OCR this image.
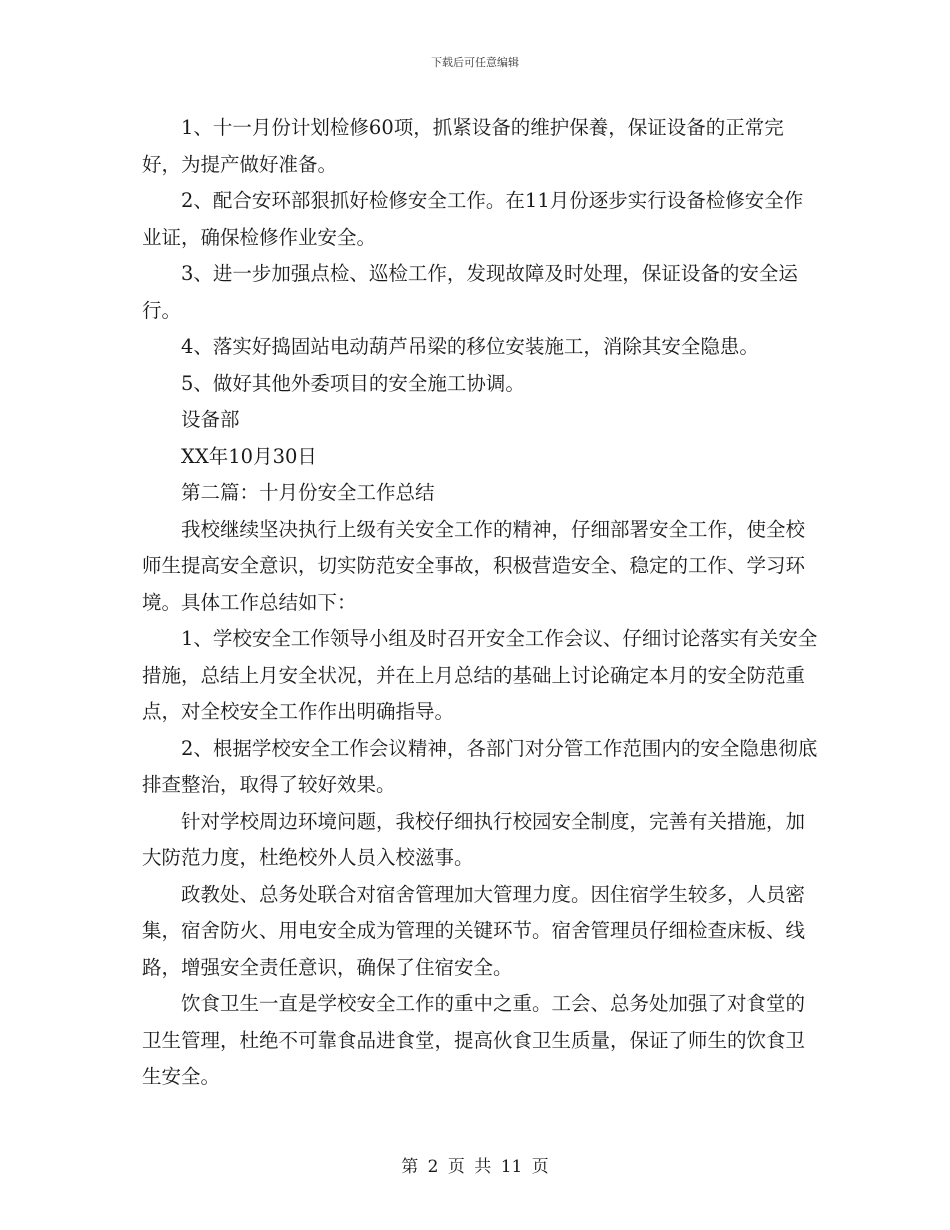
下载后可任意编辑

1、十一月份计划检修60项，抓紧设备的维护保養，保证设备的正常完好，为提产做好准备。

2、配合安环部狠抓好检修安全工作。在11月份逐步实行设备检修安全作业证，确保检修作业安全。

3、进一步加强点检、巡检工作，发现故障及时处理，保证设备的安全运行。

4、落实好捣固站电动葫芦吊梁的移位安装施工，消除其安全隐患。

5、做好其他外委项目的安全施工协调。

设备部

XX年10月30日

第二篇：十月份安全工作总结

我校继续坚决执行上级有关安全工作的精神，仔细部署安全工作，使全校师生提高安全意识，切实防范安全事故，积极营造安全、稳定的工作、学习环境。具体工作总结如下：

1、学校安全工作领导小组及时召开安全工作会议、仔细讨论落实有关安全措施，总结上月安全状况，并在上月总结的基础上讨论确定本月的安全防范重点，对全校安全工作作出明确指导。

2、根据学校安全工作会议精神，各部门对分管工作范围内的安全隐患彻底排查整治，取得了较好效果。

针对学校周边环境问题，我校仔细执行校园安全制度，完善有关措施，加大防范力度，杜绝校外人员入校滋事。

政教处、总务处联合对宿舍管理加大管理力度。因住宿学生较多，人员密集，宿舍防火、用电安全成为管理的关键环节。宿舍管理员仔细检查床板、线路，增强安全责任意识，确保了住宿安全。

饮食卫生一直是学校安全工作的重中之重。工会、总务处加强了对食堂的卫生管理，杜绝不可靠食品进食堂，提高伙食卫生质量，保证了师生的饮食卫生安全。

第 2 页 共 11 页
